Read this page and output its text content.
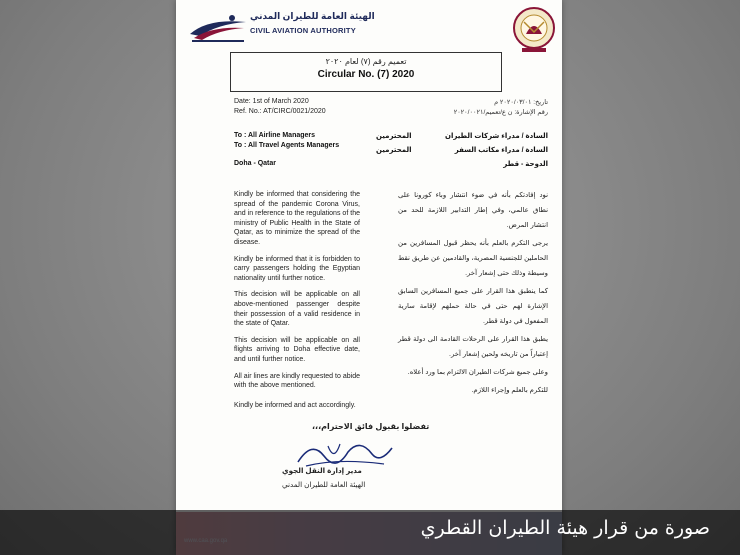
الهيئة العامة للطيران المدني
CIVIL AVIATION AUTHORITY
تعميم رقم (٧) لعام ٢٠٢٠
Circular No. (7) 2020
Date: 1st of March 2020
Ref. No.: AT/CIRC/0021/2020
تاريخ: ٢٠٢٠/٠٣/٠١ م
رقم الإشارة: ن ع/تعميم/٢٠٢٠/٠٠٢١
To : All Airline Managers
To : All Travel Agents Managers
Doha - Qatar
السادة / مدراء شركات الطيران
المحترمين
السادة / مدراء مكاتب السفر
المحترمين
الدوحة - قطر

Kindly be informed that considering the spread of the pandemic Corona Virus, and in reference to the regulations of the ministry of Public Health in the State of Qatar, as to minimize the spread of the disease.

Kindly be informed that it is forbidden to carry passengers holding the Egyptian nationality until further notice.

This decision will be applicable on all above-mentioned passenger despite their possession of a valid residence in the state of Qatar.

This decision will be applicable on all flights arriving to Doha effective date, and until further notice.

All air lines are kindly requested to abide with the above mentioned.

Kindly be informed and act accordingly.

نود إفادتكم بأنه في ضوء انتشار وباء كورونا على نطاق عالمي، وفي إطار التدابير اللازمة للحد من انتشار المرض.

يرجى التكرم بالعلم بأنه يحظر قبول المسافرين من الحاملين للجنسية المصرية، والقادمين عن طريق نقط وسيطة وذلك حتى إشعار آخر.

كما ينطبق هذا القرار على جميع المسافرين السابق الإشارة لهم حتى في حالة حملهم لإقامة سارية المفعول في دولة قطر.

يطبق هذا القرار على الرحلات القادمة الى دولة قطر إعتباراً من تاريخه ولحين إشعار آخر.

وعلى جميع شركات الطيران الالتزام بما ورد أعلاه.

للتكرم بالعلم وإجراء اللازم.

تفضلوا بقبول فائق الاحترام،،،
مدير إدارة النقل الجوي
الهيئة العامة للطيران المدني
صورة من قرار هيئة الطيران القطري
